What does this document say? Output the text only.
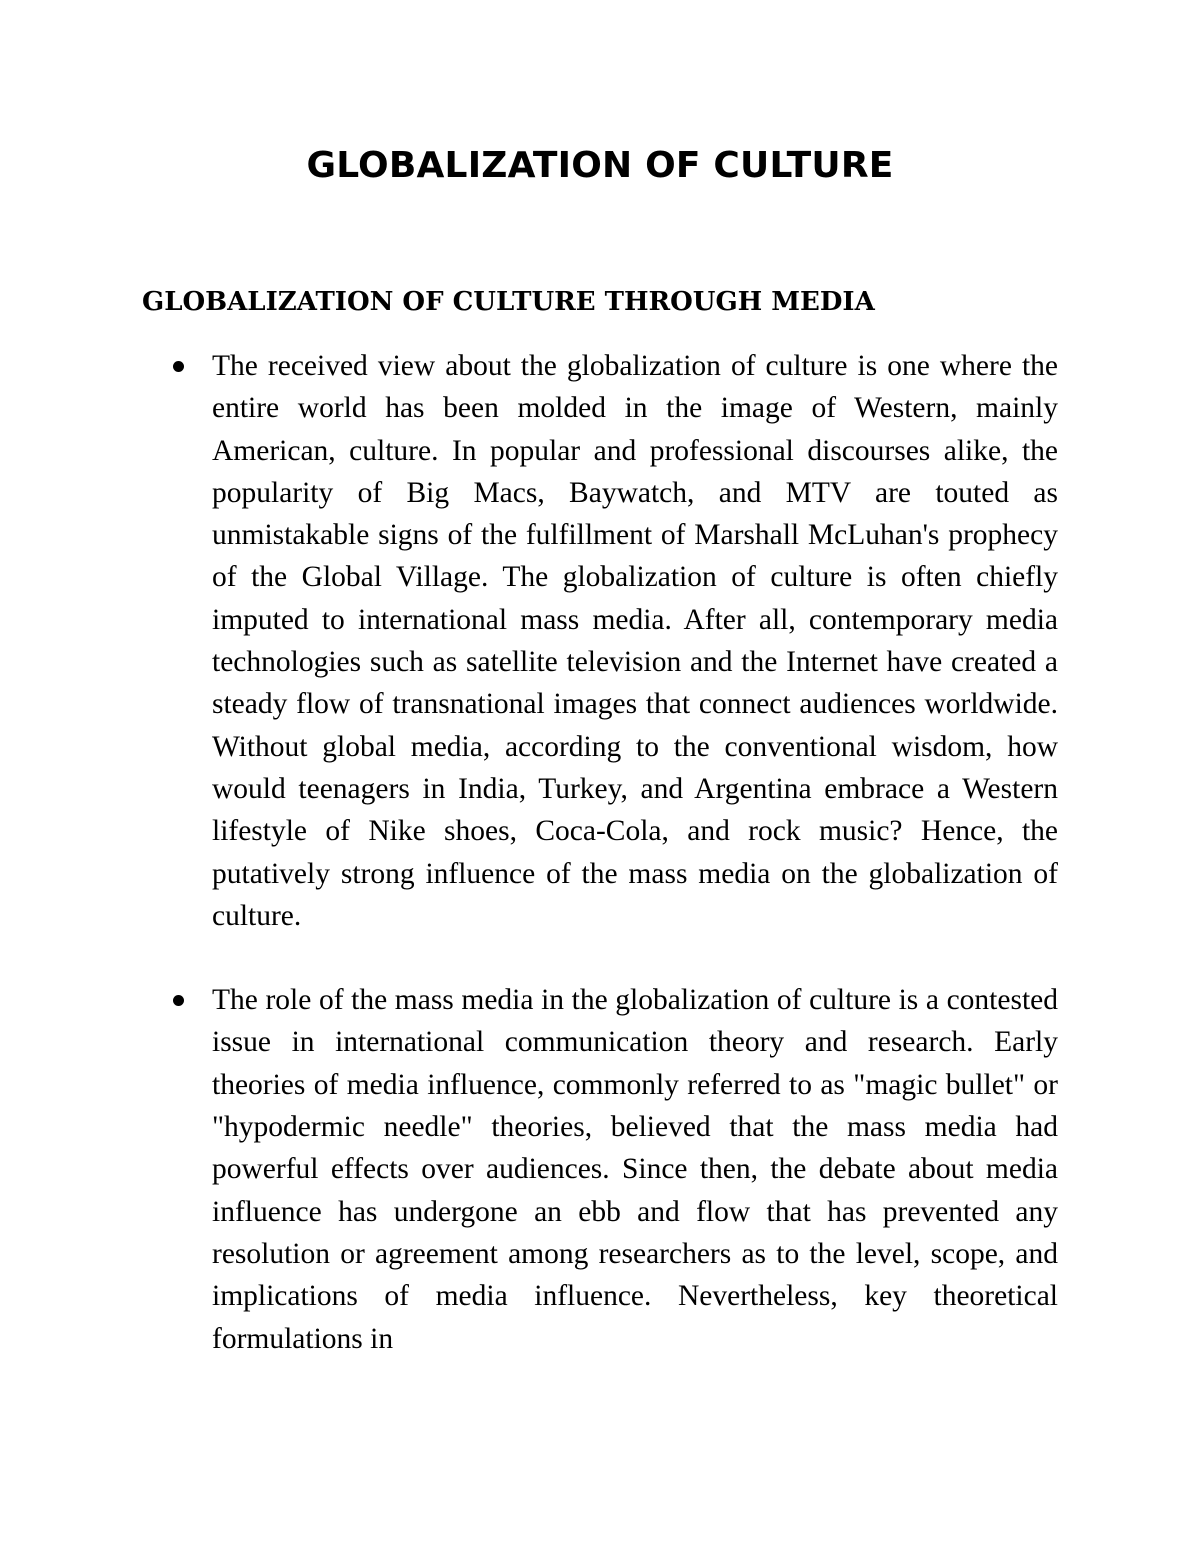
GLOBALIZATION OF CULTURE
GLOBALIZATION OF CULTURE THROUGH MEDIA
The received view about the globalization of culture is one where the entire world has been molded in the image of Western, mainly American, culture. In popular and professional discourses alike, the popularity of Big Macs, Baywatch, and MTV are touted as unmistakable signs of the fulfillment of Marshall McLuhan's prophecy of the Global Village. The globalization of culture is often chiefly imputed to international mass media. After all, contemporary media technologies such as satellite television and the Internet have created a steady flow of transnational images that connect audiences worldwide. Without global media, according to the conventional wisdom, how would teenagers in India, Turkey, and Argentina embrace a Western lifestyle of Nike shoes, Coca-Cola, and rock music? Hence, the putatively strong influence of the mass media on the globalization of culture.
The role of the mass media in the globalization of culture is a contested issue in international communication theory and research. Early theories of media influence, commonly referred to as "magic bullet" or "hypodermic needle" theories, believed that the mass media had powerful effects over audiences. Since then, the debate about media influence has undergone an ebb and flow that has prevented any resolution or agreement among researchers as to the level, scope, and implications of media influence. Nevertheless, key theoretical formulations in
